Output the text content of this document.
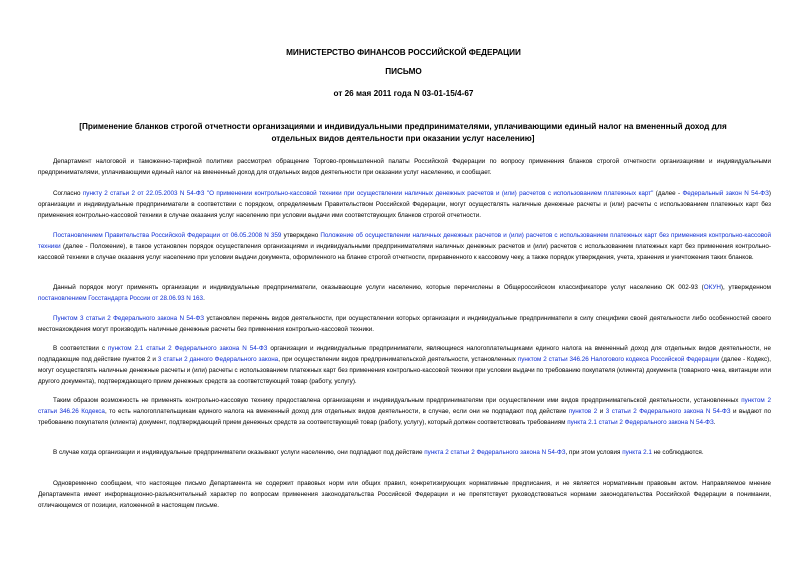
МИНИСТЕРСТВО ФИНАНСОВ РОССИЙСКОЙ ФЕДЕРАЦИИ
ПИСЬМО
от 26 мая 2011 года N 03-01-15/4-67
[Применение бланков строгой отчетности организациями и индивидуальными предпринимателями, уплачивающими единый налог на вмененный доход для отдельных видов деятельности при оказании услуг населению]
Департамент налоговой и таможенно-тарифной политики рассмотрел обращение Торгово-промышленной палаты Российской Федерации по вопросу применения бланков строгой отчетности организациями и индивидуальными предпринимателями, уплачивающими единый налог на вмененный доход для отдельных видов деятельности при оказании услуг населению, и сообщает.
Согласно пункту 2 статьи 2 от 22.05.2003 N 54-ФЗ "О применении контрольно-кассовой техники при осуществлении наличных денежных расчетов и (или) расчетов с использованием платежных карт" (далее - Федеральный закон N 54-ФЗ) организации и индивидуальные предприниматели в соответствии с порядком, определяемым Правительством Российской Федерации, могут осуществлять наличные денежные расчеты и (или) расчеты с использованием платежных карт без применения контрольно-кассовой техники в случае оказания услуг населению при условии выдачи ими соответствующих бланков строгой отчетности.
Постановлением Правительства Российской Федерации от 06.05.2008 N 359 утверждено Положение об осуществлении наличных денежных расчетов и (или) расчетов с использованием платежных карт без применения контрольно-кассовой техники (далее - Положение), в такое установлен порядок осуществления организациями и индивидуальными предпринимателями наличных денежных расчетов и (или) расчетов с использованием платежных карт без применения контрольно-кассовой техники в случае оказания услуг населению при условии выдачи документа, оформленного на бланке строгой отчетности, приравненного к кассовому чеку, а также порядок утверждения, учета, хранения и уничтожения таких бланков.
Данный порядок могут применять организации и индивидуальные предприниматели, оказывающие услуги населению, которые перечислены в Общероссийском классификаторе услуг населению ОК 002-93 (ОКУН), утвержденном постановлением Госстандарта России от 28.06.93 N 163.
Пунктом 3 статьи 2 Федерального закона N 54-ФЗ установлен перечень видов деятельности, при осуществлении которых организации и индивидуальные предприниматели в силу специфики своей деятельности либо особенностей своего местонахождения могут производить наличные денежные расчеты без применения контрольно-кассовой техники.
В соответствии с пунктом 2.1 статьи 2 Федерального закона N 54-ФЗ организации и индивидуальные предприниматели, являющиеся налогоплательщиками единого налога на вмененный доход для отдельных видов деятельности, не подпадающие под действие пунктов 2 и 3 статьи 2 данного Федерального закона, при осуществлении видов предпринимательской деятельности, установленных пунктом 2 статьи 346.26 Налогового кодекса Российской Федерации (далее - Кодекс), могут осуществлять наличные денежные расчеты и (или) расчеты с использованием платежных карт без применения контрольно-кассовой техники при условии выдачи по требованию покупателя (клиента) документа (товарного чека, квитанции или другого документа), подтверждающего прием денежных средств за соответствующий товар (работу, услугу).
Таким образом возможность не применять контрольно-кассовую технику предоставлена организациям и индивидуальным предпринимателям при осуществлении ими видов предпринимательской деятельности, установленных пунктом 2 статьи 346.26 Кодекса, то есть налогоплательщикам единого налога на вмененный доход для отдельных видов деятельности, в случае, если они не подпадают под действие пунктов 2 и 3 статьи 2 Федерального закона N 54-ФЗ и выдают по требованию покупателя (клиента) документ, подтверждающий прием денежных средств за соответствующий товар (работу, услугу), который должен соответствовать требованиям пункта 2.1 статьи 2 Федерального закона N 54-ФЗ.
В случае когда организации и индивидуальные предприниматели оказывают услуги населению, они подпадают под действие пункта 2 статьи 2 Федерального закона N 54-ФЗ, при этом условия пункта 2.1 не соблюдаются.
Одновременно сообщаем, что настоящее письмо Департамента не содержит правовых норм или общих правил, конкретизирующих нормативные предписания, и не является нормативным правовым актом. Направляемое мнение Департамента имеет информационно-разъяснительный характер по вопросам применения законодательства Российской Федерации и не препятствует руководствоваться нормами законодательства Российской Федерации в понимании, отличающемся от позиции, изложенной в настоящем письме.
